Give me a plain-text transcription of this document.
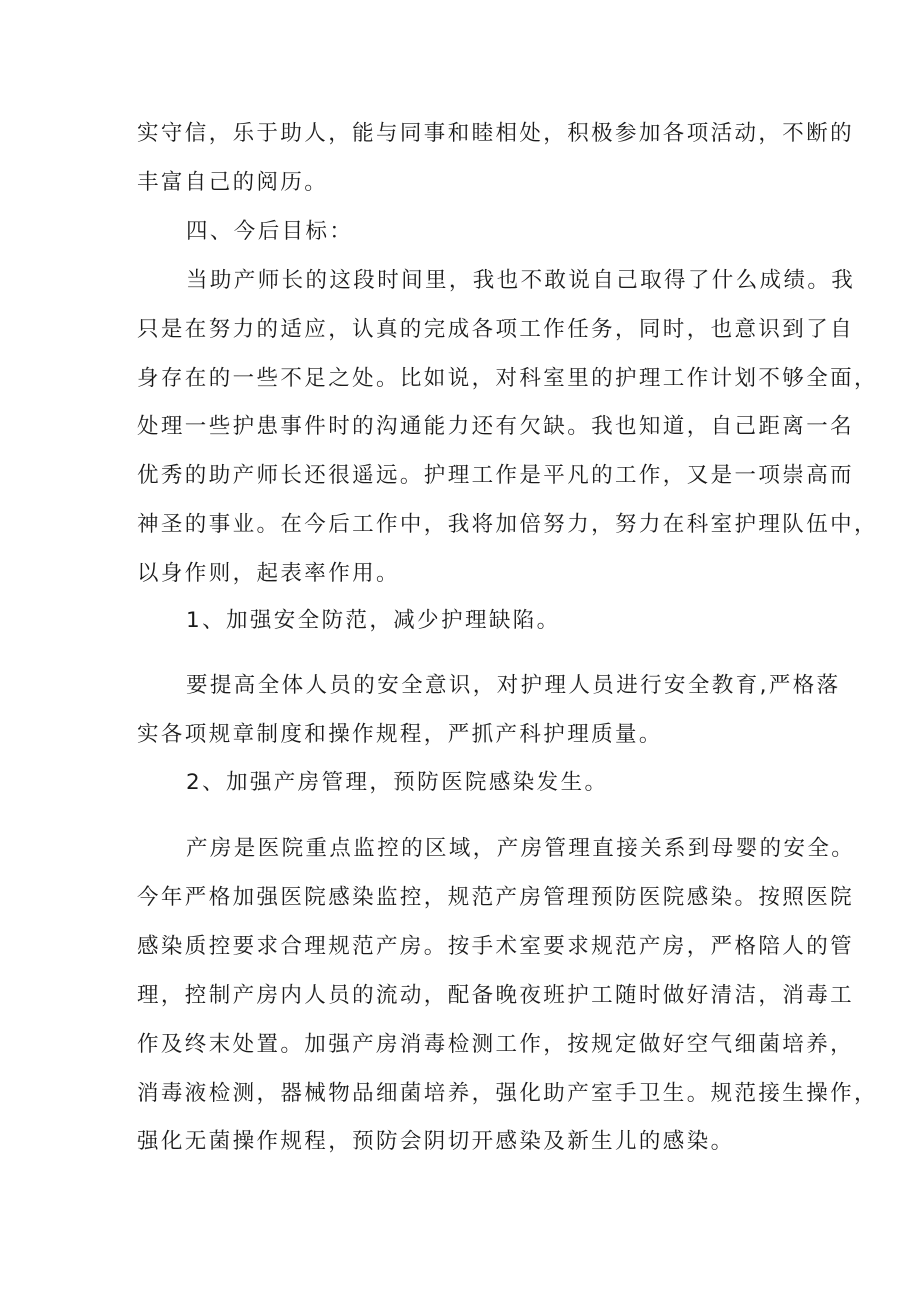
实守信，乐于助人，能与同事和睦相处，积极参加各项活动，不断的
丰富自己的阅历。
四、今后目标：
当助产师长的这段时间里，我也不敢说自己取得了什么成绩。我
只是在努力的适应，认真的完成各项工作任务，同时，也意识到了自
身存在的一些不足之处。比如说，对科室里的护理工作计划不够全面，
处理一些护患事件时的沟通能力还有欠缺。我也知道，自己距离一名
优秀的助产师长还很遥远。护理工作是平凡的工作，又是一项崇高而
神圣的事业。在今后工作中，我将加倍努力，努力在科室护理队伍中，
以身作则，起表率作用。
1、加强安全防范，减少护理缺陷。
要提高全体人员的安全意识，对护理人员进行安全教育,严格落
实各项规章制度和操作规程，严抓产科护理质量。
2、加强产房管理，预防医院感染发生。
产房是医院重点监控的区域，产房管理直接关系到母婴的安全。
今年严格加强医院感染监控，规范产房管理预防医院感染。按照医院
感染质控要求合理规范产房。按手术室要求规范产房，严格陪人的管
理，控制产房内人员的流动，配备晚夜班护工随时做好清洁，消毒工
作及终末处置。加强产房消毒检测工作，按规定做好空气细菌培养，
消毒液检测，器械物品细菌培养，强化助产室手卫生。规范接生操作，
强化无菌操作规程，预防会阴切开感染及新生儿的感染。
